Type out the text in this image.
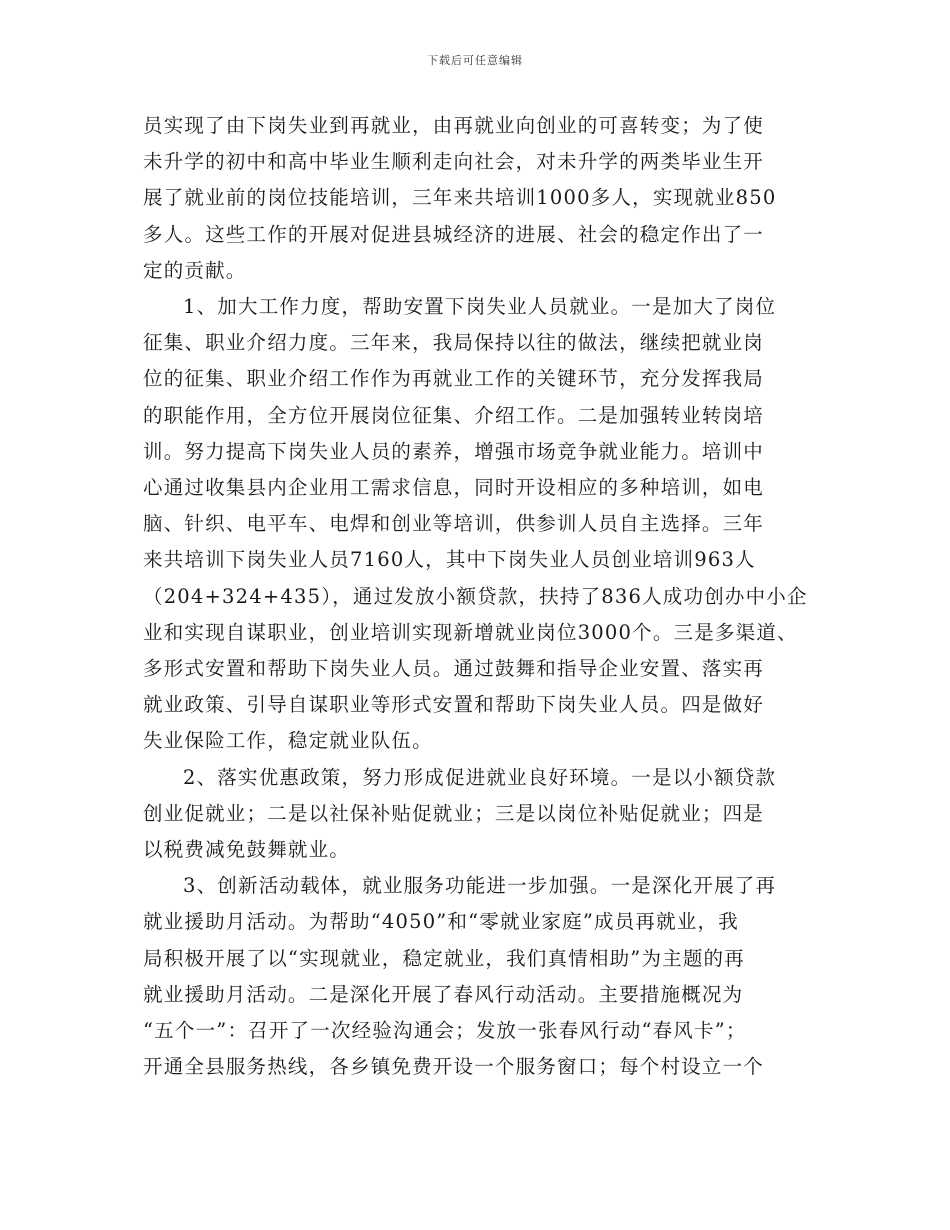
下载后可任意编辑
员实现了由下岗失业到再就业，由再就业向创业的可喜转变；为了使
未升学的初中和高中毕业生顺利走向社会，对未升学的两类毕业生开
展了就业前的岗位技能培训，三年来共培训1000多人，实现就业850
多人。这些工作的开展对促进县城经济的进展、社会的稳定作出了一
定的贡献。
1、加大工作力度，帮助安置下岗失业人员就业。一是加大了岗位
征集、职业介绍力度。三年来，我局保持以往的做法，继续把就业岗
位的征集、职业介绍工作作为再就业工作的关键环节，充分发挥我局
的职能作用，全方位开展岗位征集、介绍工作。二是加强转业转岗培
训。努力提高下岗失业人员的素养，增强市场竞争就业能力。培训中
心通过收集县内企业用工需求信息，同时开设相应的多种培训，如电
脑、针织、电平车、电焊和创业等培训，供参训人员自主选择。三年
来共培训下岗失业人员7160人，其中下岗失业人员创业培训963人
（204+324+435），通过发放小额贷款，扶持了836人成功创办中小企
业和实现自谋职业，创业培训实现新增就业岗位3000个。三是多渠道、
多形式安置和帮助下岗失业人员。通过鼓舞和指导企业安置、落实再
就业政策、引导自谋职业等形式安置和帮助下岗失业人员。四是做好
失业保险工作，稳定就业队伍。
2、落实优惠政策，努力形成促进就业良好环境。一是以小额贷款
创业促就业；二是以社保补贴促就业；三是以岗位补贴促就业；四是
以税费减免鼓舞就业。
3、创新活动载体，就业服务功能进一步加强。一是深化开展了再
就业援助月活动。为帮助“4050”和“零就业家庭”成员再就业，我
局积极开展了以“实现就业，稳定就业，我们真情相助”为主题的再
就业援助月活动。二是深化开展了春风行动活动。主要措施概况为
“五个一”：召开了一次经验沟通会；发放一张春风行动“春风卡”；
开通全县服务热线，各乡镇免费开设一个服务窗口；每个村设立一个
